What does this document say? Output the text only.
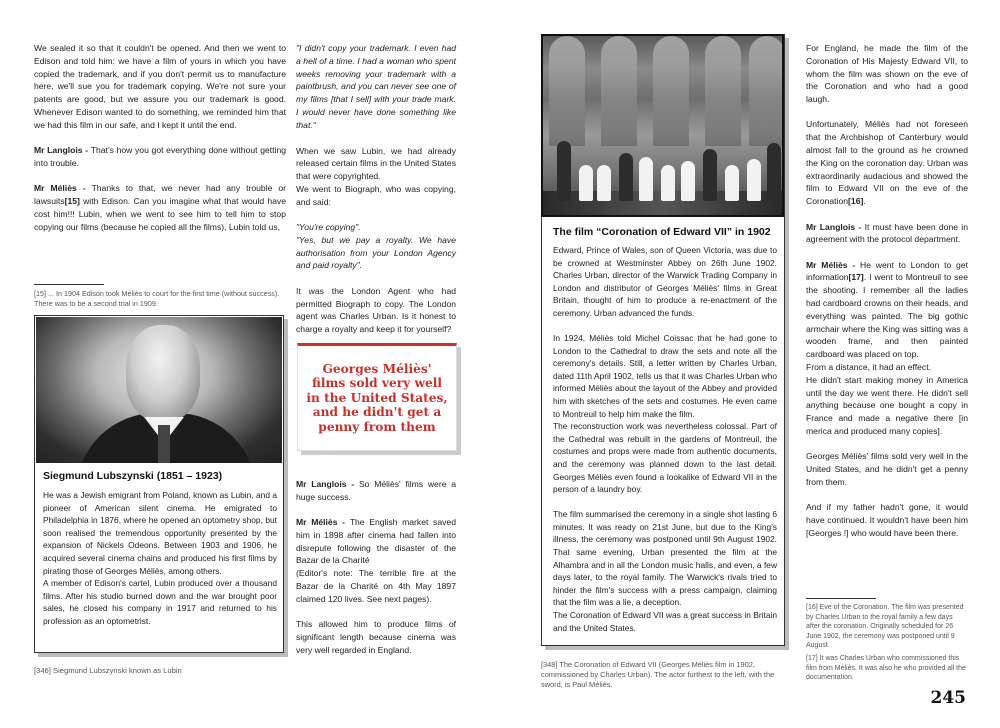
We sealed it so that it couldn't be opened. And then we went to Edison and told him: we have a film of yours in which you have copied the trademark, and if you don't permit us to manufacture here, we'll sue you for trademark copying. We're not sure your patents are good, but we assure you our trademark is good. Whenever Edison wanted to do something, we reminded him that we had this film in our safe, and I kept it until the end.

Mr Langlois - That's how you got everything done without getting into trouble.

Mr Méliès - Thanks to that, we never had any trouble or lawsuits[15] with Edison. Can you imagine what that would have cost him!!! Lubin, when we went to see him to tell him to stop copying our films (because he copied all the films), Lubin told us,

[15] ... In 1904 Edison took Méliès to court for the first time (without success). There was to be a second trial in 1909.
Siegmund Lubszynski (1851 – 1923)

He was a Jewish emigrant from Poland, known as Lubin, and a pioneer of American silent cinema. He emigrated to Philadelphia in 1876, where he opened an optometry shop, but soon realised the tremendous opportunity presented by the expansion of Nickels Odeons. Between 1903 and 1906, he acquired several cinema chains and produced his first films by pirating those of Georges Méliès, among others.

A member of Edison's cartel, Lubin produced over a thousand films. After his studio burned down and the war brought poor sales, he closed his company in 1917 and returned to his profession as an optometrist.

[346] Siegmund Lubszynski known as Lubin

"I didn't copy your trademark. I even had a hell of a time. I had a woman who spent weeks removing your trademark with a paintbrush, and you can never see one of my films [that I sell] with your trade mark. I would never have done something like that."

When we saw Lubin, we had already released certain films in the United States that were copyrighted.

We went to Biograph, who was copying, and said:

"You're copying".

"Yes, but we pay a royalty. We have authorisation from your London Agency and paid royalty".

It was the London Agent who had permitted Biograph to copy. The London agent was Charles Urban. Is it honest to charge a royalty and keep it for yourself?

Georges Méliès' films sold very well in the United States, and he didn't get a penny from them

Mr Langlois - So Méliès' films were a huge success.

Mr Méliès - The English market saved him in 1898 after cinema had fallen into disrepute following the disaster of the Bazar de la Charité

(Editor's note: The terrible fire at the Bazar de la Charité on 4th May 1897 claimed 120 lives. See next pages).

This allowed him to produce films of significant length because cinema was very well regarded in England.

The film “Coronation of Edward VII” in 1902

Edward, Prince of Wales, son of Queen Victoria, was due to be crowned at Westminster Abbey on 26th June 1902. Charles Urban, director of the Warwick Trading Company in London and distributor of Georges Méliès' films in Great Britain, thought of him to produce a re-enactment of the ceremony. Urban advanced the funds.

In 1924, Méliès told Michel Coissac that he had gone to London to the Cathedral to draw the sets and note all the ceremony's details. Still, a letter written by Charles Urban, dated 11th April 1902, tells us that it was Charles Urban who informed Méliès about the layout of the Abbey and provided him with sketches of the sets and costumes. He even came to Montreuil to help him make the film.

The reconstruction work was nevertheless colossal. Part of the Cathedral was rebuilt in the gardens of Montreuil, the costumes and props were made from authentic documents, and the ceremony was planned down to the last detail. Georges Méliès even found a lookalike of Edward VII in the person of a laundry boy.

The film summarised the ceremony in a single shot lasting 6 minutes. It was ready on 21st June, but due to the King's illness, the ceremony was postponed until 9th August 1902. That same evening, Urban presented the film at the Alhambra and in all the London music halls, and even, a few days later, to the royal family. The Warwick's rivals tried to hinder the film's success with a press campaign, claiming that the film was a lie, a deception.

The Coronation of Edward VII was a great success in Britain and the United States.

[348] The Coronation of Edward VII (Georges Méliès film in 1902, commissioned by Charles Urban). The actor furthest to the left, with the sword, is Paul Méliès.

For England, he made the film of the Coronation of His Majesty Edward VII, to whom the film was shown on the eve of the Coronation and who had a good laugh.

Unfortunately, Méliès had not foreseen that the Archbishop of Canterbury would almost fall to the ground as he crowned the King on the coronation day. Urban was extraordinarily audacious and showed the film to Edward VII on the eve of the Coronation[16].

Mr Langlois - It must have been done in agreement with the protocol department.

Mr Méliès - He went to London to get information[17]. I went to Montreuil to see the shooting. I remember all the ladies had cardboard crowns on their heads, and everything was painted. The big gothic armchair where the King was sitting was a wooden frame, and then painted cardboard was placed on top.

From a distance, it had an effect.

He didn't start making money in America until the day we went there. He didn't sell anything because one bought a copy in France and made a negative there [in merica and produced many copies].

Georges Méliès' films sold very well in the United States, and he didn't get a penny from them.

And if my father hadn't gone, it would have continued. It wouldn't have been him [Georges !] who would have been there.

[16] Eve of the Coronation. The film was presented by Charles Urban to the royal family a few days after the coronation. Originally scheduled for 26 June 1902, the ceremony was postponed until 9 August.
[17] It was Charles Urban who commissioned this film from Méliès. It was also he who provided all the documentation.
245
